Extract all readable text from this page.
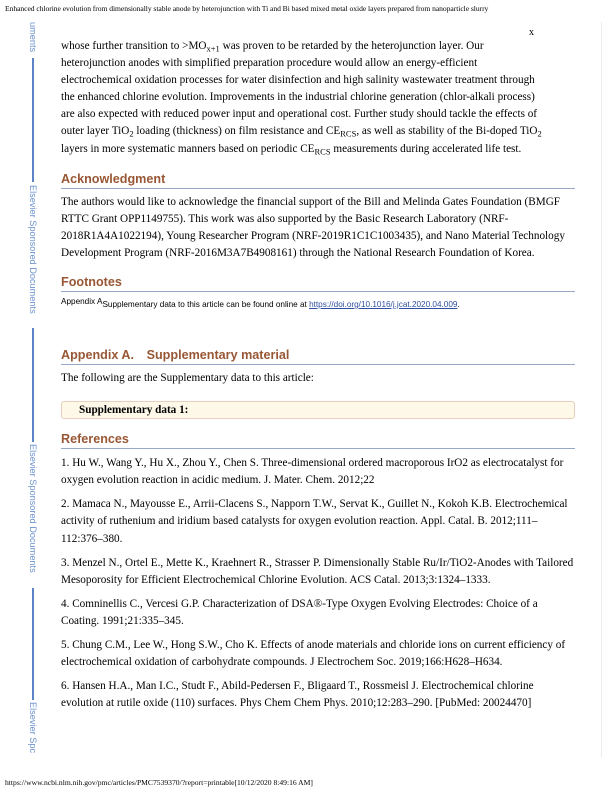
Enhanced chlorine evolution from dimensionally stable anode by heterojunction with Ti and Bi based mixed metal oxide layers prepared from nanoparticle slurry
uments
Elsevier Sponsored Documents
Elsevier Sponsored Documents
Elsevier Spc
x

whose further transition to $>MO_{x+1}$ was proven to be retarded by the heterojunction layer. Our
heterojunction anodes with simplified preparation procedure would allow an energy-efficient
electrochemical oxidation processes for water disinfection and high salinity wastewater treatment through
the enhanced chlorine evolution. Improvements in the industrial chlorine generation (chlor-alkali process)
are also expected with reduced power input and operational cost. Further study should tackle the effects of
outer layer TiO$_2$ loading (thickness) on film resistance and $CE_{RCS}$, as well as stability of the Bi-doped TiO$_2$
layers in more systematic manners based on periodic $CE_{RCS}$ measurements during accelerated life test.

Acknowledgment

The authors would like to acknowledge the financial support of the Bill and Melinda Gates Foundation (BMGF RTTC Grant OPP1149755). This work was also supported by the Basic Research Laboratory (NRF-2018R1A4A1022194), Young Researcher Program (NRF-2019R1C1C1003435), and Nano Material Technology Development Program (NRF-2016M3A7B4908161) through the National Research Foundation of Korea.

Footnotes

Appendix ASupplementary data to this article can be found online at https://doi.org/10.1016/j.jcat.2020.04.009.

Appendix A. Supplementary material

The following are the Supplementary data to this article:

Supplementary data 1:
References

1. Hu W., Wang Y., Hu X., Zhou Y., Chen S. Three-dimensional ordered macroporous IrO2 as electrocatalyst for oxygen evolution reaction in acidic medium. J. Mater. Chem. 2012;22

2. Mamaca N., Mayousse E., Arrii-Clacens S., Napporn T.W., Servat K., Guillet N., Kokoh K.B. Electrochemical activity of ruthenium and iridium based catalysts for oxygen evolution reaction. Appl. Catal. B. 2012;111–112:376–380.

3. Menzel N., Ortel E., Mette K., Kraehnert R., Strasser P. Dimensionally Stable Ru/Ir/TiO2-Anodes with Tailored Mesoporosity for Efficient Electrochemical Chlorine Evolution. ACS Catal. 2013;3:1324–1333.

4. Comninellis C., Vercesi G.P. Characterization of DSA®-Type Oxygen Evolving Electrodes: Choice of a Coating. 1991;21:335–345.

5. Chung C.M., Lee W., Hong S.W., Cho K. Effects of anode materials and chloride ions on current efficiency of electrochemical oxidation of carbohydrate compounds. J Electrochem Soc. 2019;166:H628–H634.

6. Hansen H.A., Man I.C., Studt F., Abild-Pedersen F., Bligaard T., Rossmeisl J. Electrochemical chlorine evolution at rutile oxide (110) surfaces. Phys Chem Chem Phys. 2010;12:283–290. [PubMed: 20024470]

https://www.ncbi.nlm.nih.gov/pmc/articles/PMC7539370/?report=printable[10/12/2020 8:49:16 AM]
